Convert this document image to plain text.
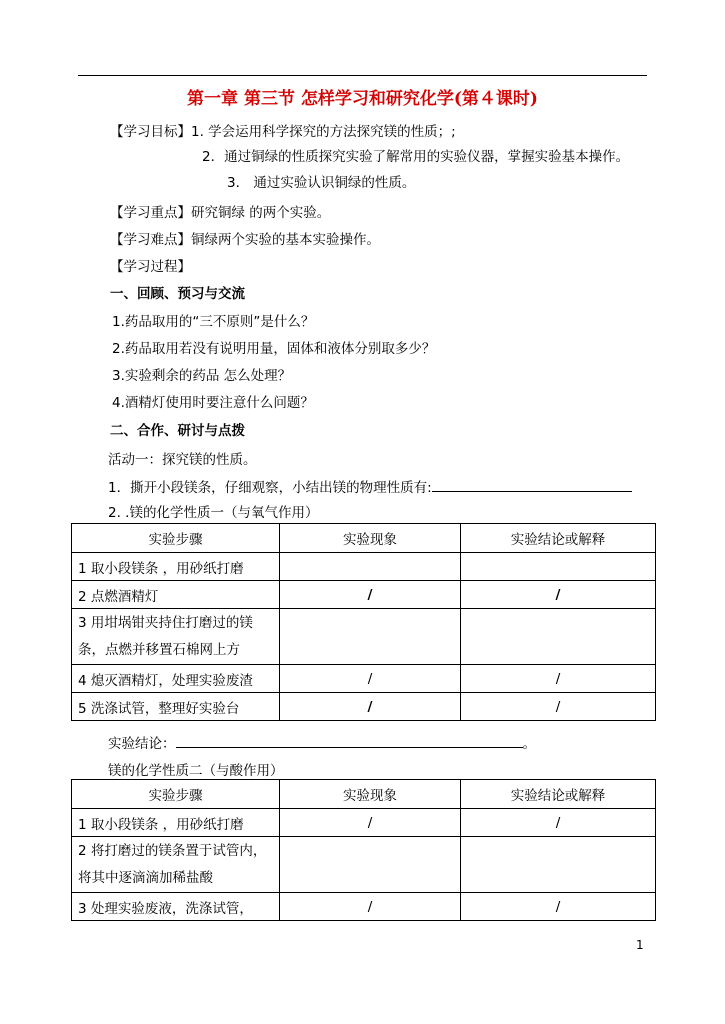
第一章 第三节 怎样学习和研究化学(第４课时)
【学习目标】1. 学会运用科学探究的方法探究镁的性质；;
2．通过铜绿的性质探究实验了解常用的实验仪器，掌握实验基本操作。
3． 通过实验认识铜绿的性质。
【学习重点】研究铜绿 的两个实验。
【学习难点】铜绿两个实验的基本实验操作。
【学习过程】
一、回顾、预习与交流
1.药品取用的“三不原则”是什么？
2.药品取用若没有说明用量，固体和液体分别取多少？
3.实验剩余的药品 怎么处理？
4.酒精灯使用时要注意什么问题？
二、合作、研讨与点拨
活动一：探究镁的性质。
1．撕开小段镁条，仔细观察，小结出镁的物理性质有:
2. .镁的化学性质一（与氧气作用）
实验步骤	实验现象	实验结论或解释
1 取小段镁条 ，用砂纸打磨		
2 点燃酒精灯	/	/
3 用坩埚钳夹持住打磨过的镁条，点燃并移置石棉网上方		
4 熄灭酒精灯，处理实验废渣	/	/
5 洗涤试管，整理好实验台	/	/
实验结论：	。
镁的化学性质二（与酸作用）
实验步骤	实验现象	实验结论或解释
1 取小段镁条 ，用砂纸打磨	/	/
2 将打磨过的镁条置于试管内，将其中逐滴滴加稀盐酸		
3 处理实验废液，洗涤试管，	/	/
1
